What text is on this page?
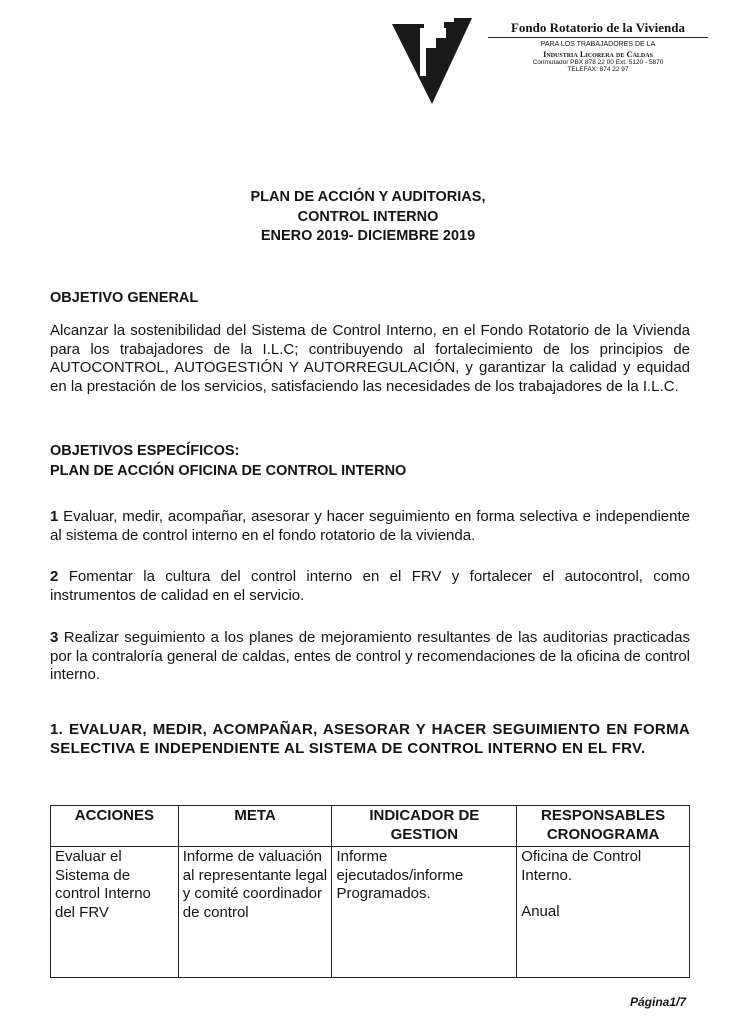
Fondo Rotatorio de la Vivienda
PARA LOS TRABAJADORES DE LA
Industria Licorera de Caldas
Conmutador PBX 878 22 00 Ext. 5120 - 5870
TELEFAX: 874 22 97
PLAN DE ACCIÓN Y AUDITORIAS,
CONTROL INTERNO
ENERO 2019- DICIEMBRE 2019
OBJETIVO GENERAL
Alcanzar la sostenibilidad del Sistema de Control Interno, en el Fondo Rotatorio de la Vivienda para los trabajadores de la I.L.C; contribuyendo al fortalecimiento de los principios de AUTOCONTROL, AUTOGESTIÓN Y AUTORREGULACIÓN, y garantizar la calidad y equidad en la prestación de los servicios, satisfaciendo las necesidades de los trabajadores de la I.L.C.
OBJETIVOS ESPECÍFICOS:
PLAN DE ACCIÓN OFICINA DE CONTROL INTERNO
1 Evaluar, medir, acompañar, asesorar y hacer seguimiento en forma selectiva e independiente al sistema de control interno en el fondo rotatorio de la vivienda.
2 Fomentar la cultura del control interno en el FRV y fortalecer el autocontrol, como instrumentos de calidad en el servicio.
3 Realizar seguimiento a los planes de mejoramiento resultantes de las auditorias practicadas por la contraloría general de caldas, entes de control y recomendaciones de la oficina de control interno.
1. EVALUAR, MEDIR, ACOMPAÑAR, ASESORAR Y HACER SEGUIMIENTO EN FORMA SELECTIVA E INDEPENDIENTE AL SISTEMA DE CONTROL INTERNO EN EL FRV.
ACCIONES	META	INDICADOR DE GESTION	RESPONSABLES CRONOGRAMA
Evaluar el Sistema de control Interno del FRV	Informe de valuación al representante legal y comité coordinador de control	Informe ejecutados/informe Programados.	Oficina de Control Interno.
Anual
Página1/7
